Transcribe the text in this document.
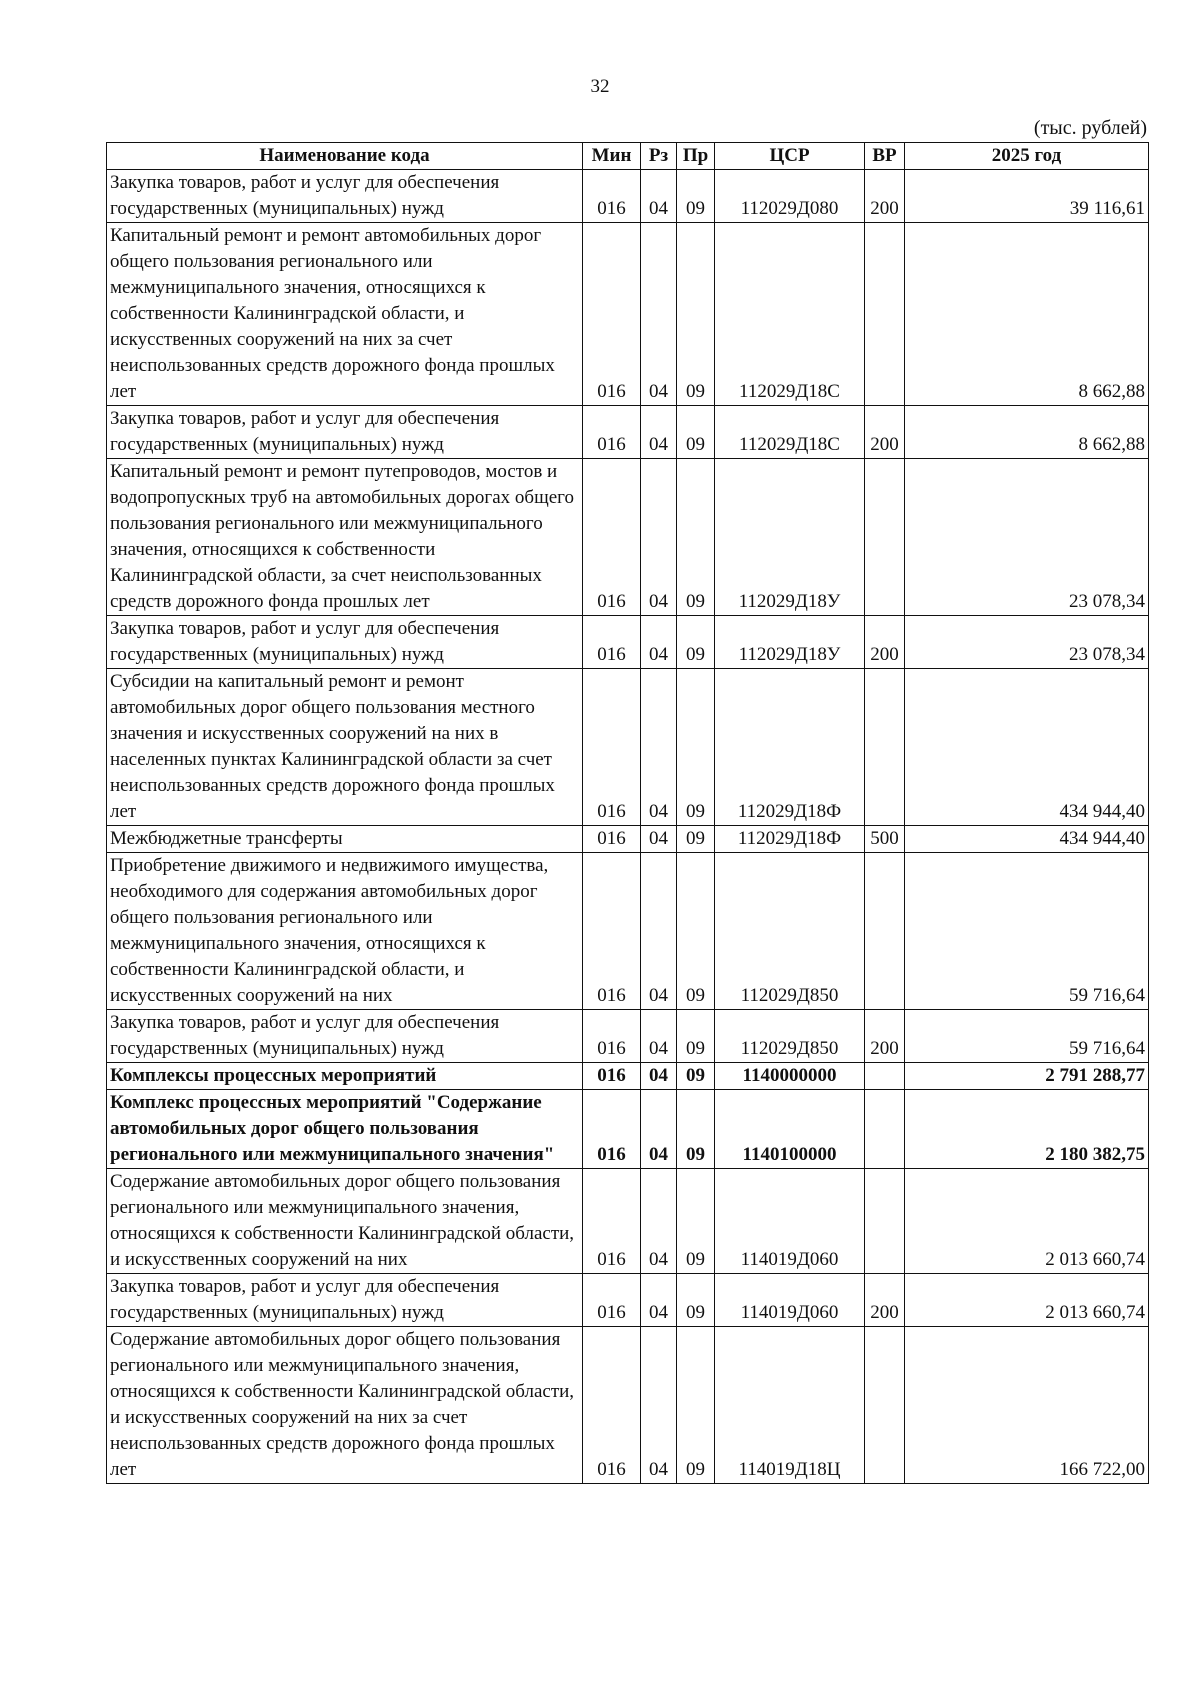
32
(тыс. рублей)
Наименование кода	Мин	Рз	Пр	ЦСР	ВР	2025 год
Закупка товаров, работ и услуг для обеспечения государственных (муниципальных) нужд	016	04	09	112029Д080	200	39 116,61
Капитальный ремонт и ремонт автомобильных дорог общего пользования регионального или межмуниципального значения, относящихся к собственности Калининградской области, и искусственных сооружений на них за счет неиспользованных средств дорожного фонда прошлых лет	016	04	09	112029Д18С		8 662,88
Закупка товаров, работ и услуг для обеспечения государственных (муниципальных) нужд	016	04	09	112029Д18С	200	8 662,88
Капитальный ремонт и ремонт путепроводов, мостов и водопропускных труб на автомобильных дорогах общего пользования регионального или межмуниципального значения, относящихся к собственности Калининградской области, за счет неиспользованных средств дорожного фонда прошлых лет	016	04	09	112029Д18У		23 078,34
Закупка товаров, работ и услуг для обеспечения государственных (муниципальных) нужд	016	04	09	112029Д18У	200	23 078,34
Субсидии на капитальный ремонт и ремонт автомобильных дорог общего пользования местного значения и искусственных сооружений на них в населенных пунктах Калининградской области за счет неиспользованных средств дорожного фонда прошлых лет	016	04	09	112029Д18Ф		434 944,40
Межбюджетные трансферты	016	04	09	112029Д18Ф	500	434 944,40
Приобретение движимого и недвижимого имущества, необходимого для содержания автомобильных дорог общего пользования регионального или межмуниципального значения, относящихся к собственности Калининградской области, и искусственных сооружений на них	016	04	09	112029Д850		59 716,64
Закупка товаров, работ и услуг для обеспечения государственных (муниципальных) нужд	016	04	09	112029Д850	200	59 716,64
Комплексы процессных мероприятий	016	04	09	1140000000		2 791 288,77
Комплекс процессных мероприятий "Содержание автомобильных дорог общего пользования регионального или межмуниципального значения"	016	04	09	1140100000		2 180 382,75
Содержание автомобильных дорог общего пользования регионального или межмуниципального значения, относящихся к собственности Калининградской области, и искусственных сооружений на них	016	04	09	114019Д060		2 013 660,74
Закупка товаров, работ и услуг для обеспечения государственных (муниципальных) нужд	016	04	09	114019Д060	200	2 013 660,74
Содержание автомобильных дорог общего пользования регионального или межмуниципального значения, относящихся к собственности Калининградской области, и искусственных сооружений на них за счет неиспользованных средств дорожного фонда прошлых лет	016	04	09	114019Д18Ц		166 722,00
